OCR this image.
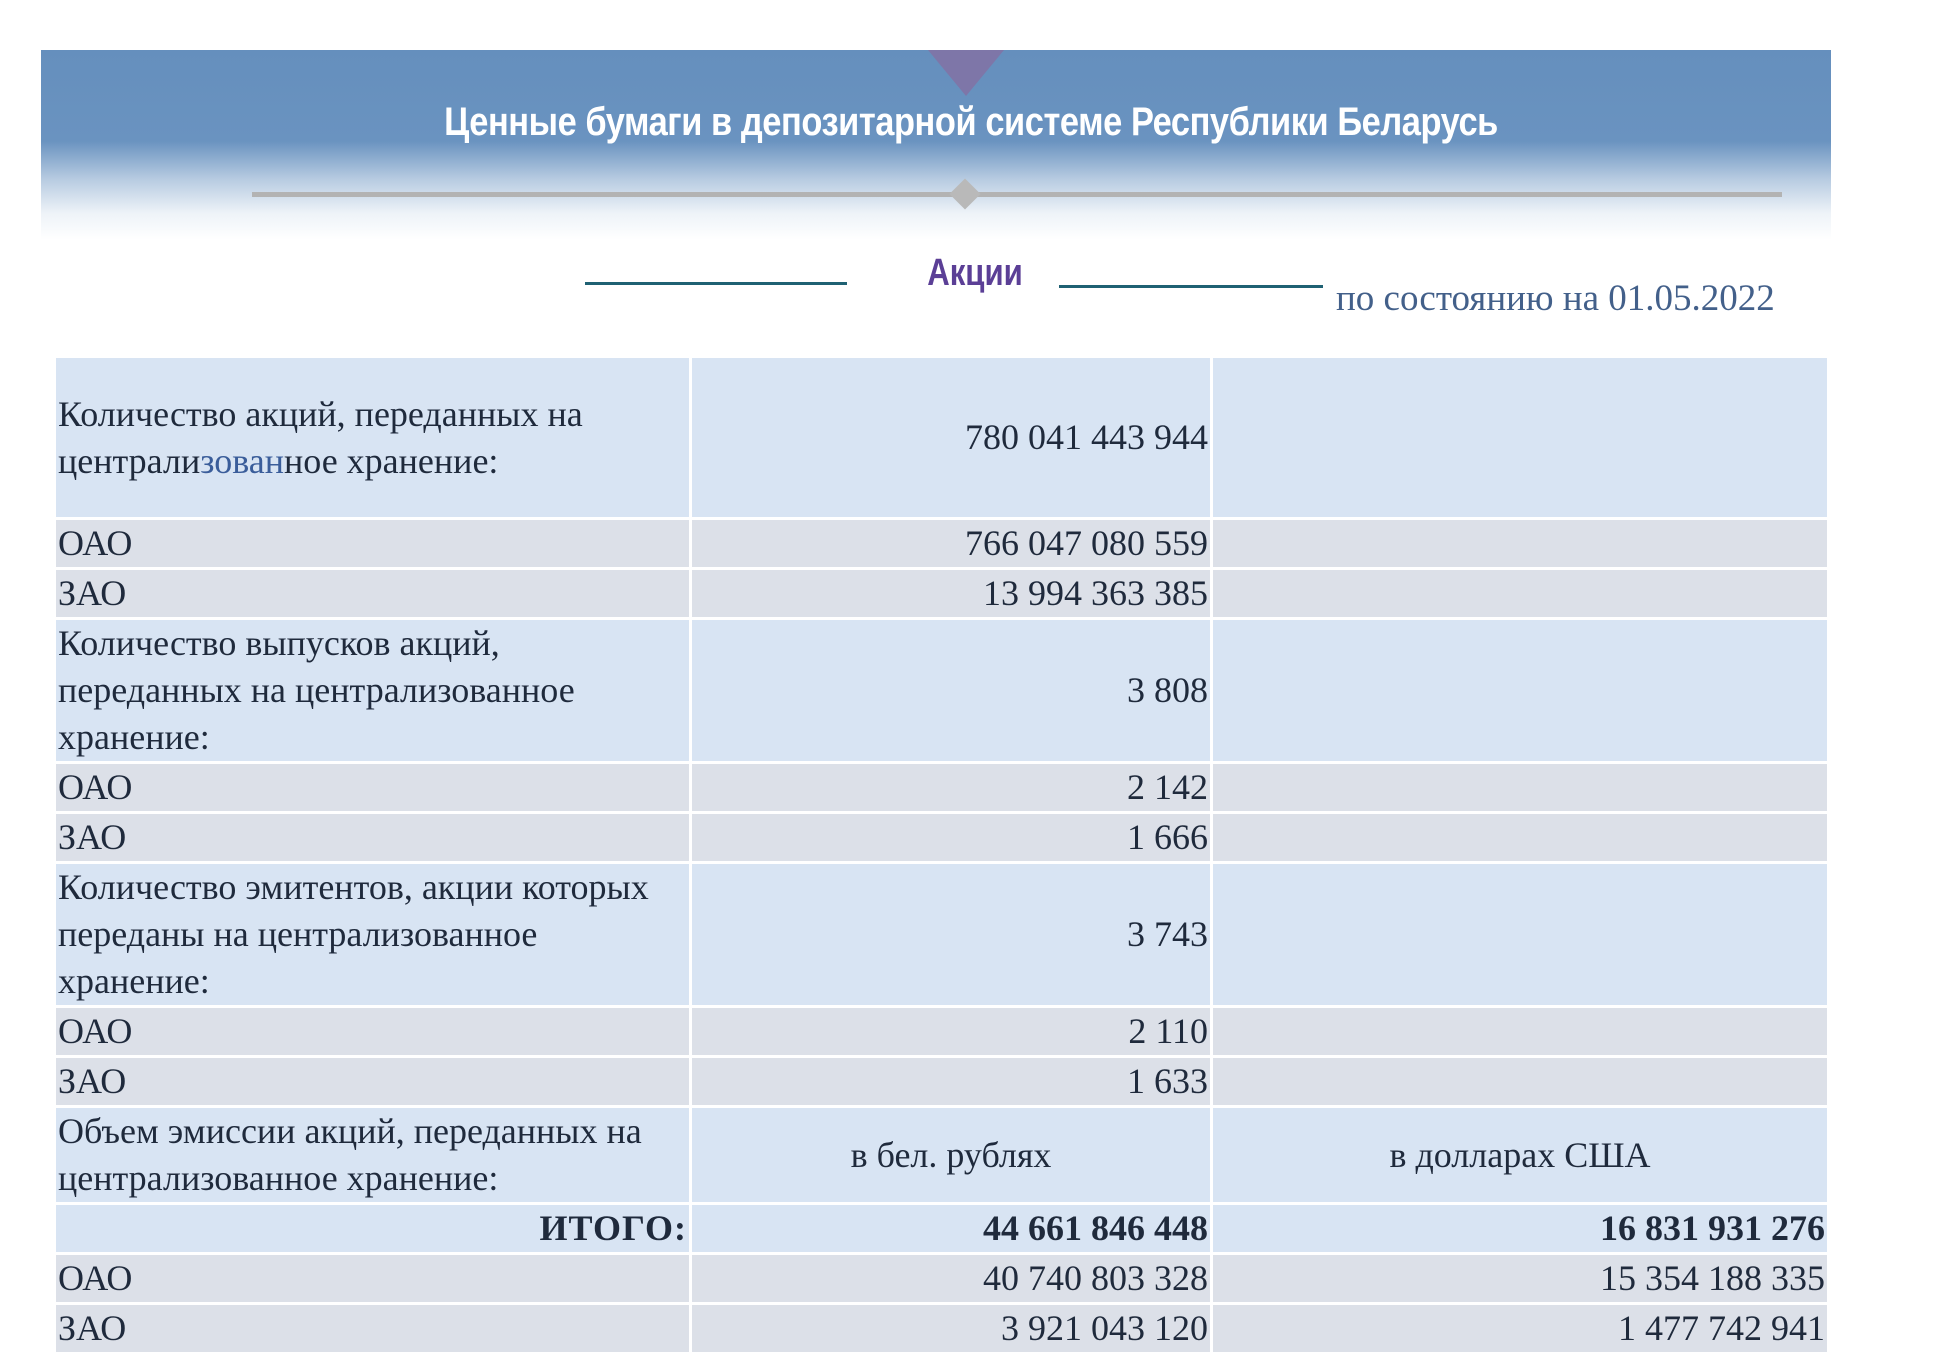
Ценные бумаги в депозитарной системе Республики Беларусь
Акции
по состоянию на 01.05.2022
Количество акций, переданных на централизованное хранение:	780 041 443 944	
ОАО	766 047 080 559	
ЗАО	13 994 363 385	
Количество выпусков акций, переданных на централизованное хранение:	3 808	
ОАО	2 142	
ЗАО	1 666	
Количество эмитентов, акции которых переданы на централизованное хранение:	3 743	
ОАО	2 110	
ЗАО	1 633	
Объем эмиссии акций, переданных на централизованное хранение:	в бел. рублях	в долларах США
ИТОГО:	44 661 846 448	16 831 931 276
ОАО	40 740 803 328	15 354 188 335
ЗАО	3 921 043 120	1 477 742 941
